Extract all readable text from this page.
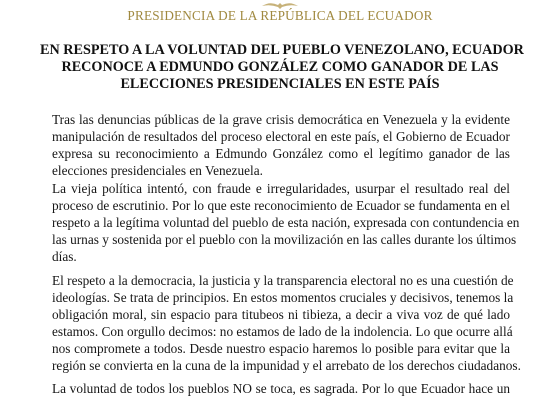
PRESIDENCIA DE LA REPÚBLICA DEL ECUADOR
EN RESPETO A LA VOLUNTAD DEL PUEBLO VENEZOLANO, ECUADOR
RECONOCE A EDMUNDO GONZÁLEZ COMO GANADOR DE LAS
ELECCIONES PRESIDENCIALES EN ESTE PAÍS
Tras las denuncias públicas de la grave crisis democrática en Venezuela y la evidente
manipulación de resultados del proceso electoral en este país, el Gobierno de Ecuador
expresa su reconocimiento a Edmundo González como el legítimo ganador de las
elecciones presidenciales en Venezuela.
La vieja política intentó, con fraude e irregularidades, usurpar el resultado real del
proceso de escrutinio. Por lo que este reconocimiento de Ecuador se fundamenta en el
respeto a la legítima voluntad del pueblo de esta nación, expresada con contundencia en
las urnas y sostenida por el pueblo con la movilización en las calles durante los últimos
días.
El respeto a la democracia, la justicia y la transparencia electoral no es una cuestión de
ideologías. Se trata de principios. En estos momentos cruciales y decisivos, tenemos la
obligación moral, sin espacio para titubeos ni tibieza, a decir a viva voz de qué lado
estamos. Con orgullo decimos: no estamos de lado de la indolencia. Lo que ocurre allá
nos compromete a todos. Desde nuestro espacio haremos lo posible para evitar que la
región se convierta en la cuna de la impunidad y el arrebato de los derechos ciudadanos.
La voluntad de todos los pueblos NO se toca, es sagrada. Por lo que Ecuador hace un
